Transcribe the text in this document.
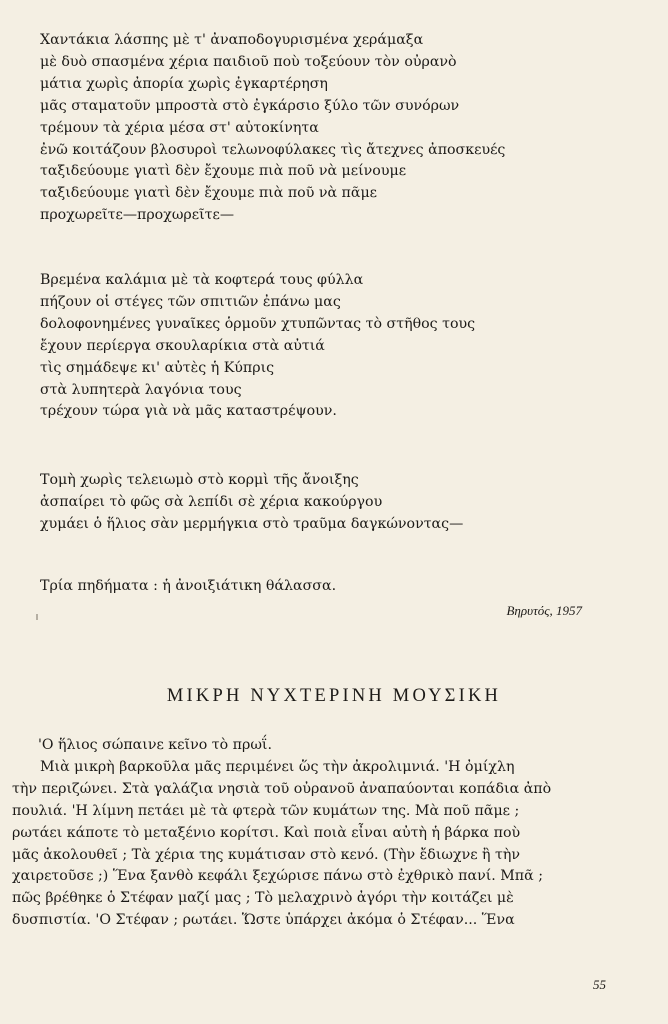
Χαντάκια λάσπης μὲ τ' ἀναποδογυρισμένα χεράμαξα
μὲ δυὸ σπασμένα χέρια παιδιοῦ ποὺ τοξεύουν τὸν οὐρανὸ
μάτια χωρὶς ἀπορία χωρὶς ἐγκαρτέρηση
μᾶς σταματοῦν μπροστὰ στὸ ἐγκάρσιο ξύλο τῶν συνόρων
τρέμουν τὰ χέρια μέσα στ' αὐτοκίνητα
ἐνῶ κοιτάζουν βλοσυροὶ τελωνοφύλακες τὶς ἄτεχνες ἀποσκευές
ταξιδεύουμε γιατὶ δὲν ἔχουμε πιὰ ποῦ νὰ μείνουμε
ταξιδεύουμε γιατὶ δὲν ἔχουμε πιὰ ποῦ νὰ πᾶμε
προχωρεῖτε—προχωρεῖτε—
Βρεμένα καλάμια μὲ τὰ κοφτερά τους φύλλα
πήζουν οἱ στέγες τῶν σπιτιῶν ἐπάνω μας
δολοφονημένες γυναῖκες ὁρμοῦν χτυπῶντας τὸ στῆθος τους
ἔχουν περίεργα σκουλαρίκια στὰ αὐτιά
τὶς σημάδεψε κι' αὐτὲς ἡ Κύπρις
στὰ λυπητερὰ λαγόνια τους
τρέχουν τώρα γιὰ νὰ μᾶς καταστρέψουν.
Τομὴ χωρὶς τελειωμὸ στὸ κορμὶ τῆς ἄνοιξης
ἀσπαίρει τὸ φῶς σὰ λεπίδι σὲ χέρια κακούργου
χυμάει ὁ ἥλιος σὰν μερμήγκια στὸ τραῦμα δαγκώνοντας—
Τρία πηδήματα : ἡ ἀνοιξιάτικη θάλασσα.
Βηρυτός, 1957
ΜΙΚΡΗ ΝΥΧΤΕΡΙΝΗ ΜΟΥΣΙΚΗ
'Ο ἥλιος σώπαινε κεῖνο τὸ πρωΐ.
Μιὰ μικρὴ βαρκοῦλα μᾶς περιμένει ὥς τὴν ἀκρολιμνιά. 'Η ὀμίχλη
τὴν περιζώνει. Στὰ γαλάζια νησιὰ τοῦ οὐρανοῦ ἀναπαύονται κοπάδια ἀπὸ
πουλιά. 'Η λίμνη πετάει μὲ τὰ φτερὰ τῶν κυμάτων της. Μὰ ποῦ πᾶμε ;
ρωτάει κάποτε τὸ μεταξένιο κορίτσι. Καὶ ποιὰ εἶναι αὐτὴ ἡ βάρκα ποὺ
μᾶς ἀκολουθεῖ ; Τὰ χέρια της κυμάτισαν στὸ κενό. (Τὴν ἔδιωχνε ἢ τὴν
χαιρετοῦσε ;) Ἕνα ξανθὸ κεφάλι ξεχώρισε πάνω στὸ ἐχθρικὸ πανί. Μπᾶ ;
πῶς βρέθηκε ὁ Στέφαν μαζί μας ; Τὸ μελαχρινὸ ἀγόρι τὴν κοιτάζει μὲ
δυσπιστία. 'Ο Στέφαν ; ρωτάει. Ὥστε ὑπάρχει ἀκόμα ὁ Στέφαν... Ἕνα
55
